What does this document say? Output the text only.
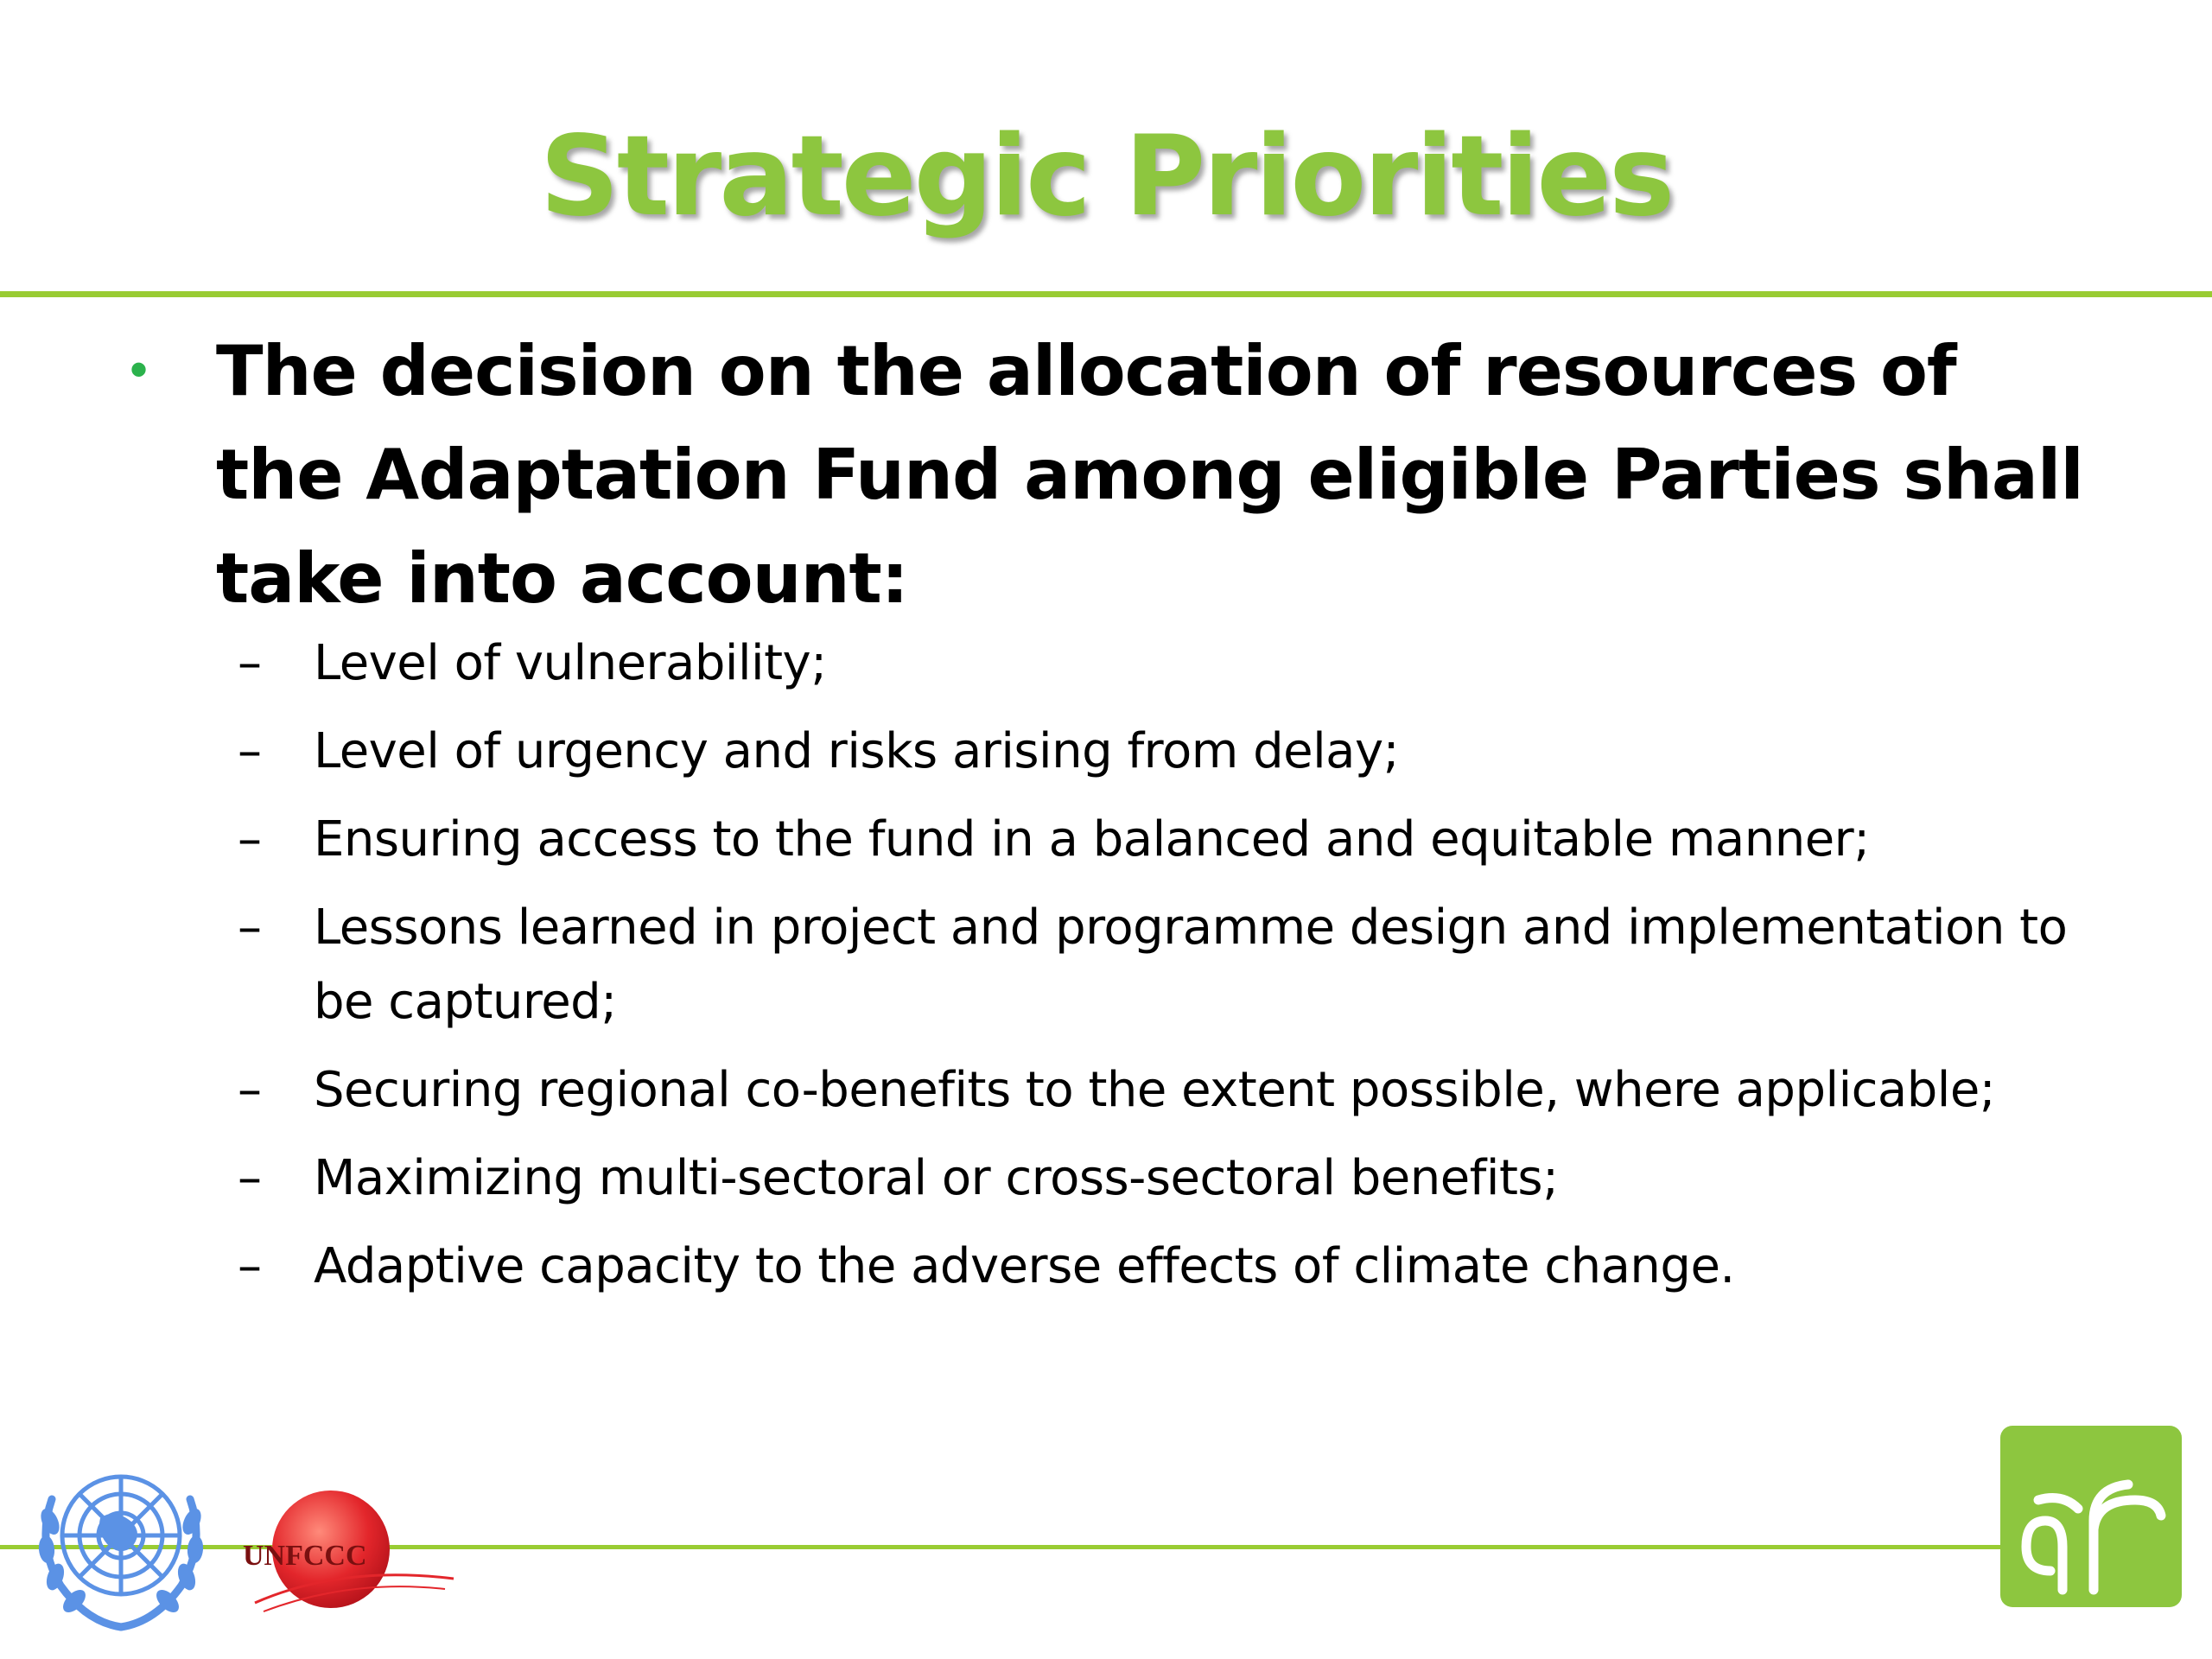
Strategic Priorities
• The decision on the allocation of resources of the Adaptation Fund among eligible Parties shall take into account:
– Level of vulnerability;
– Level of urgency and risks arising from delay;
– Ensuring access to the fund in a balanced and equitable manner;
– Lessons learned in project and programme design and implementation to be captured;
– Securing regional co-benefits to the extent possible, where applicable;
– Maximizing multi-sectoral or cross-sectoral benefits;
– Adaptive capacity to the adverse effects of climate change.
UNFCCC
